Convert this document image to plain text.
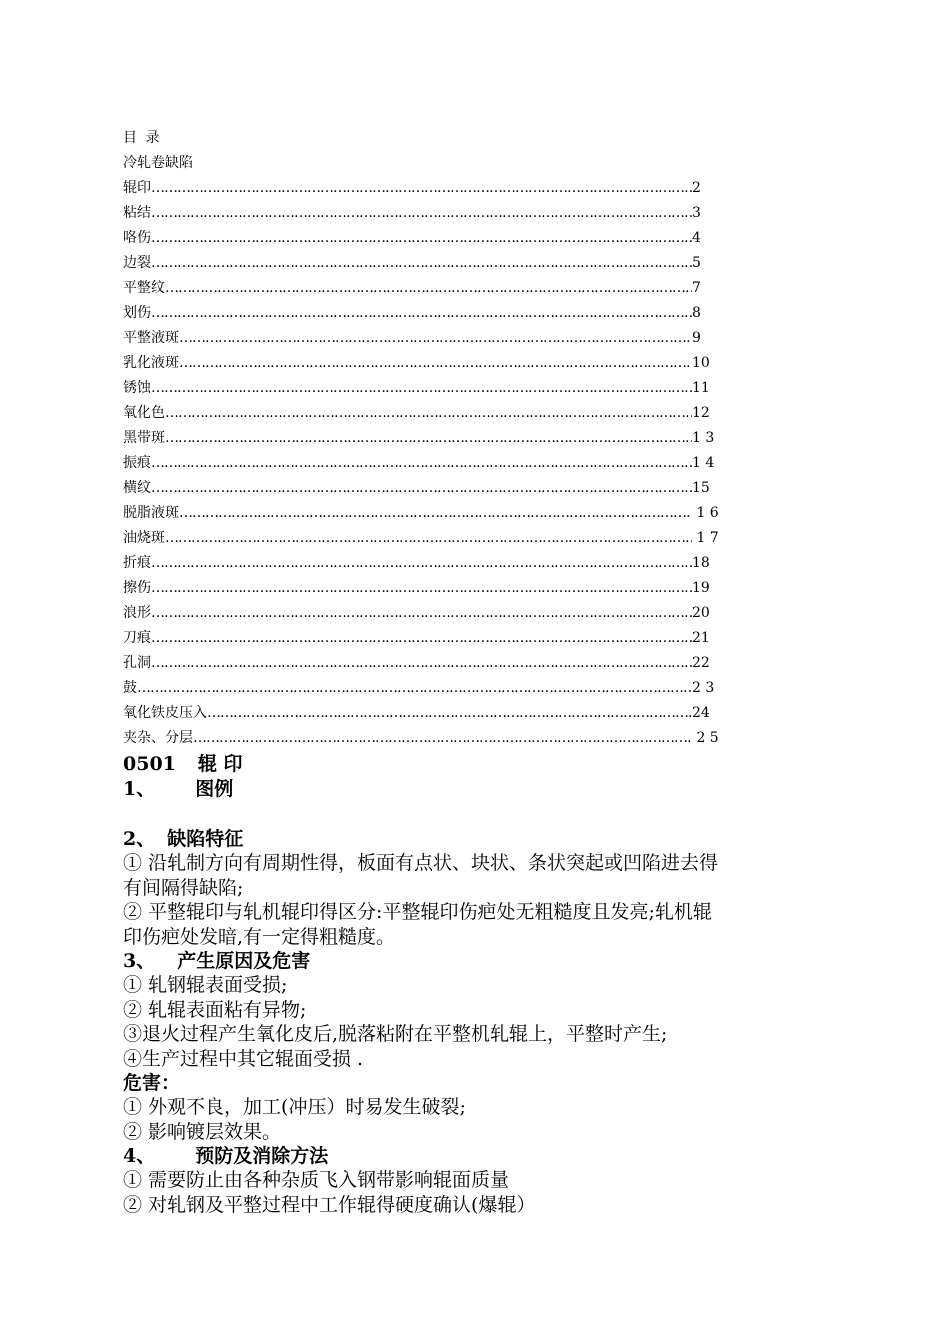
目 录
冷轧卷缺陷
辊印 …………………………………………………………………………………………………………………………………………	2
粘结 …………………………………………………………………………………………………………………………………………	3
咯伤 …………………………………………………………………………………………………………………………………………	4
边裂 …………………………………………………………………………………………………………………………………………	5
平整纹 …………………………………………………………………………………………………………………………………………	7
划伤 …………………………………………………………………………………………………………………………………………	8
平整液斑 …………………………………………………………………………………………………………………………………………	9
乳化液斑 …………………………………………………………………………………………………………………………………………	10
锈蚀 …………………………………………………………………………………………………………………………………………	11
氧化色 …………………………………………………………………………………………………………………………………………	12
黑带斑 …………………………………………………………………………………………………………………………………………	1 3
振痕 …………………………………………………………………………………………………………………………………………	1 4
横纹 …………………………………………………………………………………………………………………………………………	15
脱脂液斑 …………………………………………………………………………………………………………………………………………	1 6
油烧斑 …………………………………………………………………………………………………………………………………………	1 7
折痕 …………………………………………………………………………………………………………………………………………	18
擦伤 …………………………………………………………………………………………………………………………………………	19
浪形 …………………………………………………………………………………………………………………………………………	20
刀痕 …………………………………………………………………………………………………………………………………………	21
孔洞 …………………………………………………………………………………………………………………………………………	22
鼓 …………………………………………………………………………………………………………………………………………	2 3
氧化铁皮压入 …………………………………………………………………………………………………………………………………………	24
夹杂、分层 …………………………………………………………………………………………………………………………………………	2 5
0501 辊 印
1、 图例
2、 缺陷特征
① 沿轧制方向有周期性得，板面有点状、块状、条状突起或凹陷进去得
有间隔得缺陷;
② 平整辊印与轧机辊印得区分:平整辊印伤疤处无粗糙度且发亮;轧机辊
印伤疤处发暗,有一定得粗糙度。
3、 产生原因及危害
① 轧钢辊表面受损;
② 轧辊表面粘有异物;
③退火过程产生氧化皮后,脱落粘附在平整机轧辊上，平整时产生;
④生产过程中其它辊面受损 .
危害：
① 外观不良，加工(冲压）时易发生破裂;
② 影响镀层效果。
4、 预防及消除方法
① 需要防止由各种杂质飞入钢带影响辊面质量
② 对轧钢及平整过程中工作辊得硬度确认(爆辊）
